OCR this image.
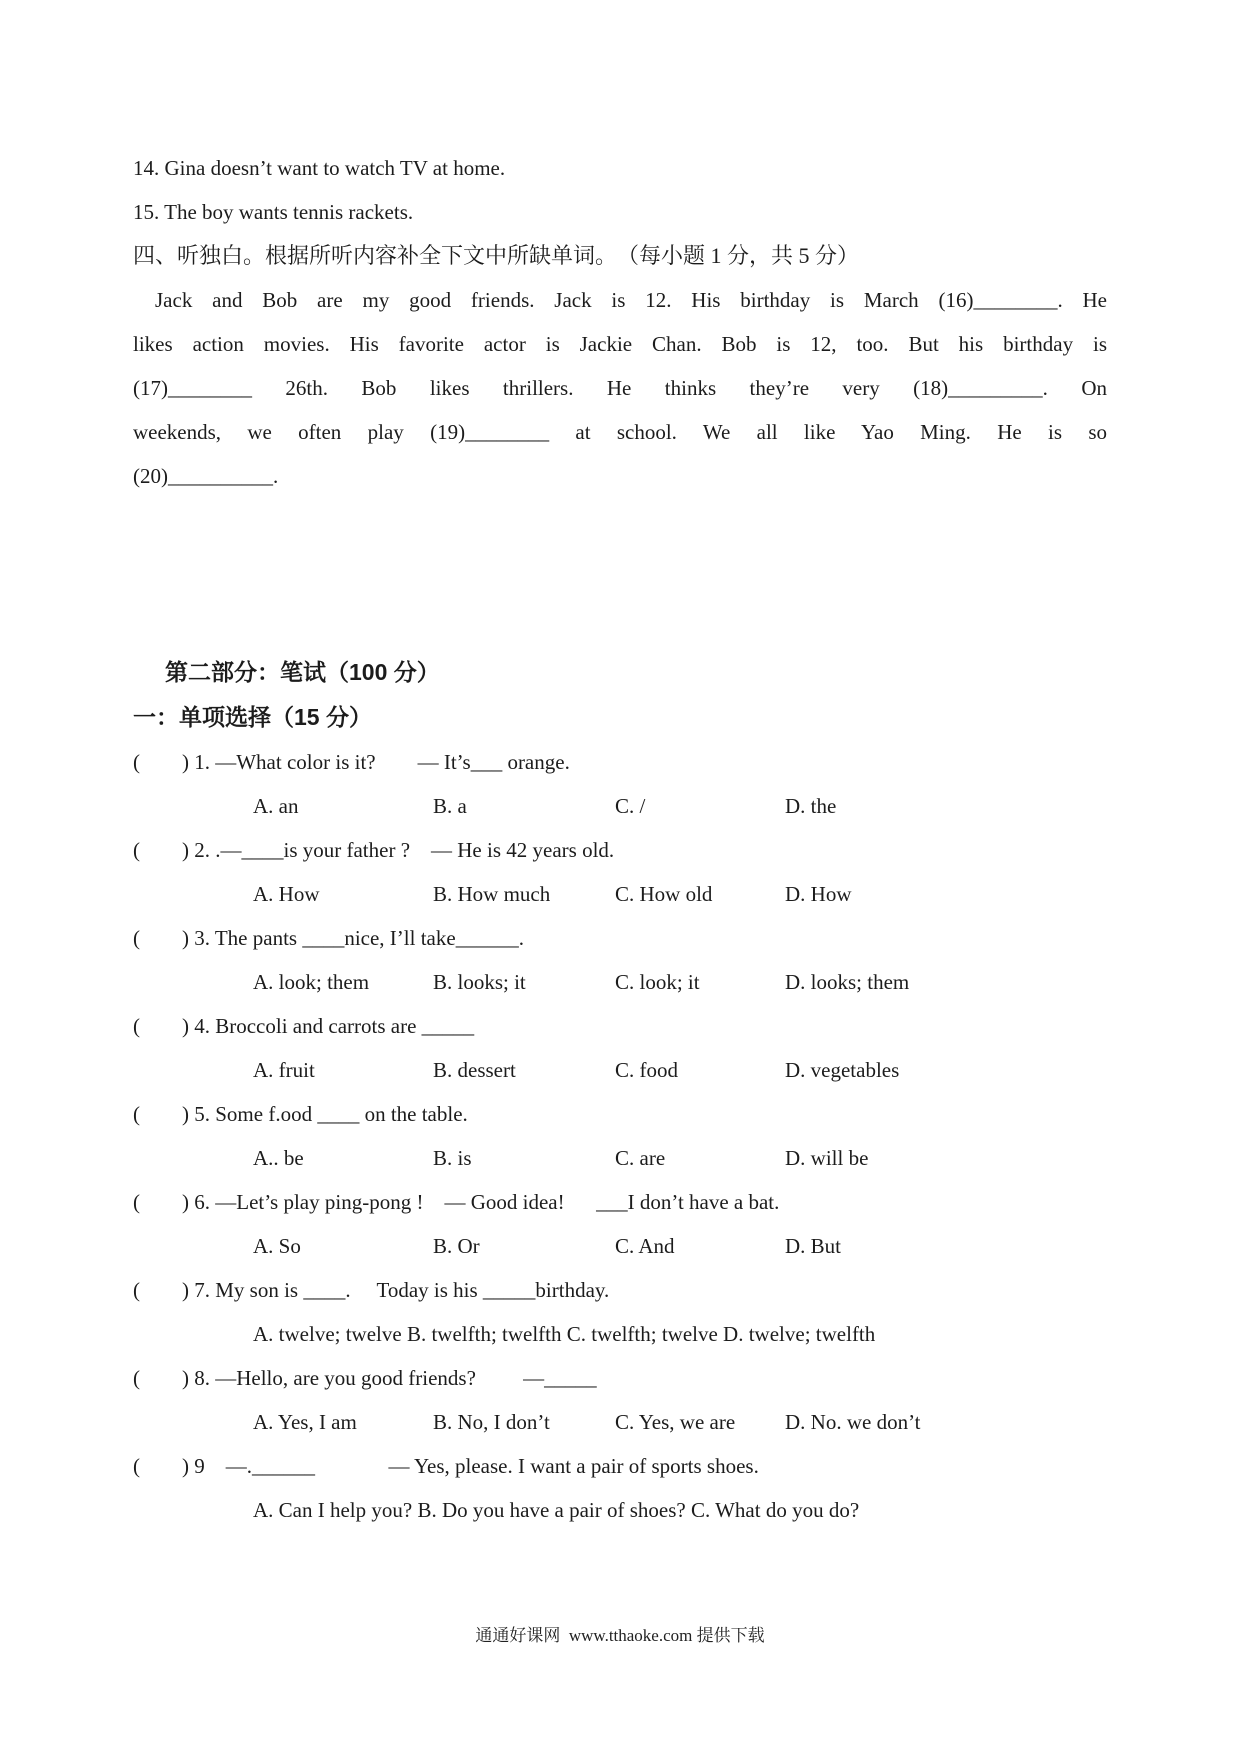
14. Gina doesn’t want to watch TV at home.
15. The boy wants tennis rackets.
四、听独白。根据所听内容补全下文中所缺单词。　（每小题 1 分，共 5 分）
Jack and Bob are my good friends. Jack is 12. His birthday is March (16)________. He
likes action movies. His favorite actor is Jackie Chan. Bob is 12, too. But his birthday is
(17)________ 26th. Bob likes thrillers. He thinks they’re very (18)_________. On
weekends, we often play (19)________ at school. We all like Yao Ming. He is so
(20)__________.
第二部分：笔试（100 分）
一：单项选择（15 分）
(        ) 1. —What color is it?        — It’s___ orange.
A. an	B. a	C. /	D. the
(        ) 2. .—____is your father ?    — He is 42 years old.
A. How	B. How much	C. How old	D. How
(        ) 3. The pants ____nice, I’ll take______.
A. look; them	B. looks; it	C. look; it	D. looks; them
(        ) 4. Broccoli and carrots are _____
A. fruit	B. dessert	C. food	D. vegetables
(        ) 5. Some f.ood ____ on the table.
A.. be	B. is	C. are	D. will be
(        ) 6. —Let’s play ping-pong !    — Good idea!      ___I don’t have a bat.
A. So	B. Or	C. And	D. But
(        ) 7. My son is ____.     Today is his _____birthday.
A. twelve; twelve B. twelfth; twelfth C. twelfth; twelve D. twelve; twelfth
(        ) 8. —Hello, are you good friends?         —_____
A. Yes, I am	B. No, I don’t	C. Yes, we are	D. No. we don’t
(        ) 9    —.______              — Yes, please. I want a pair of sports shoes.
A. Can I help you? B. Do you have a pair of shoes? C. What do you do?
通通好课网  www.tthaoke.com 提供下载
